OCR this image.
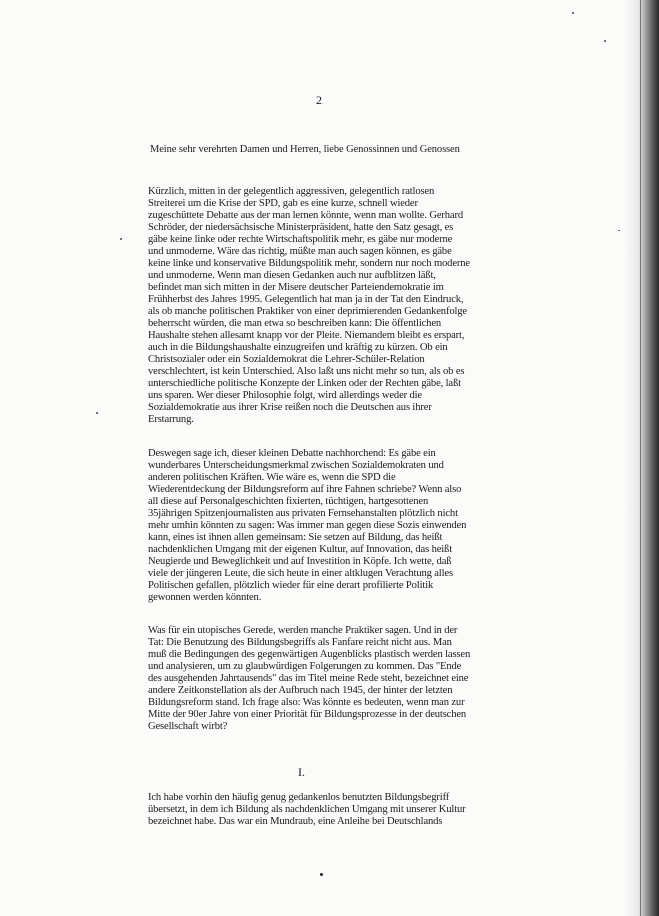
2
Meine sehr verehrten Damen und Herren, liebe Genossinnen und Genossen
Kürzlich, mitten in der gelegentlich aggressiven, gelegentlich ratlosen
Streiterei um die Krise der SPD, gab es eine kurze, schnell wieder
zugeschüttete Debatte aus der man lernen könnte, wenn man wollte. Gerhard
Schröder, der niedersächsische Ministerpräsident, hatte den Satz gesagt, es
gäbe keine linke oder rechte Wirtschaftspolitik mehr, es gäbe nur moderne
und unmoderne. Wäre das richtig, müßte man auch sagen können, es gäbe
keine linke und konservative Bildungspolitik mehr, sondern nur noch moderne
und unmoderne. Wenn man diesen Gedanken auch nur aufblitzen läßt,
befindet man sich mitten in der Misere deutscher Parteiendemokratie im
Frühherbst des Jahres 1995. Gelegentlich hat man ja in der Tat den Eindruck,
als ob manche politischen Praktiker von einer deprimierenden Gedankenfolge
beherrscht würden, die man etwa so beschreiben kann: Die öffentlichen
Haushalte stehen allesamt knapp vor der Pleite. Niemandem bleibt es erspart,
auch in die Bildungshaushalte einzugreifen und kräftig zu kürzen. Ob ein
Christsozialer oder ein Sozialdemokrat die Lehrer-Schüler-Relation
verschlechtert, ist kein Unterschied. Also laßt uns nicht mehr so tun, als ob es
unterschiedliche politische Konzepte der Linken oder der Rechten gäbe, laßt
uns sparen. Wer dieser Philosophie folgt, wird allerdings weder die
Sozialdemokratie aus ihrer Krise reißen noch die Deutschen aus ihrer
Erstarrung.
Deswegen sage ich, dieser kleinen Debatte nachhorchend: Es gäbe ein
wunderbares Unterscheidungsmerkmal zwischen Sozialdemokraten und
anderen politischen Kräften. Wie wäre es, wenn die SPD die
Wiederentdeckung der Bildungsreform auf ihre Fahnen schriebe? Wenn also
all diese auf Personalgeschichten fixierten, tüchtigen, hartgesottenen
35jährigen Spitzenjournalisten aus privaten Fernsehanstalten plötzlich nicht
mehr umhin könnten zu sagen: Was immer man gegen diese Sozis einwenden
kann, eines ist ihnen allen gemeinsam: Sie setzen auf Bildung, das heißt
nachdenklichen Umgang mit der eigenen Kultur, auf Innovation, das heißt
Neugierde und Beweglichkeit und auf Investition in Köpfe. Ich wette, daß
viele der jüngeren Leute, die sich heute in einer altklugen Verachtung alles
Politischen gefallen, plötzlich wieder für eine derart profilierte Politik
gewonnen werden könnten.
Was für ein utopisches Gerede, werden manche Praktiker sagen. Und in der
Tat: Die Benutzung des Bildungsbegriffs als Fanfare reicht nicht aus. Man
muß die Bedingungen des gegenwärtigen Augenblicks plastisch werden lassen
und analysieren, um zu glaubwürdigen Folgerungen zu kommen. Das "Ende
des ausgehenden Jahrtausends" das im Titel meine Rede steht, bezeichnet eine
andere Zeitkonstellation als der Aufbruch nach 1945, der hinter der letzten
Bildungsreform stand. Ich frage also: Was könnte es bedeuten, wenn man zur
Mitte der 90er Jahre von einer Priorität für Bildungsprozesse in der deutschen
Gesellschaft wirbt?
I.
Ich habe vorhin den häufig genug gedankenlos benutzten Bildungsbegriff
übersetzt, in dem ich Bildung als nachdenklichen Umgang mit unserer Kultur
bezeichnet habe. Das war ein Mundraub, eine Anleihe bei Deutschlands
